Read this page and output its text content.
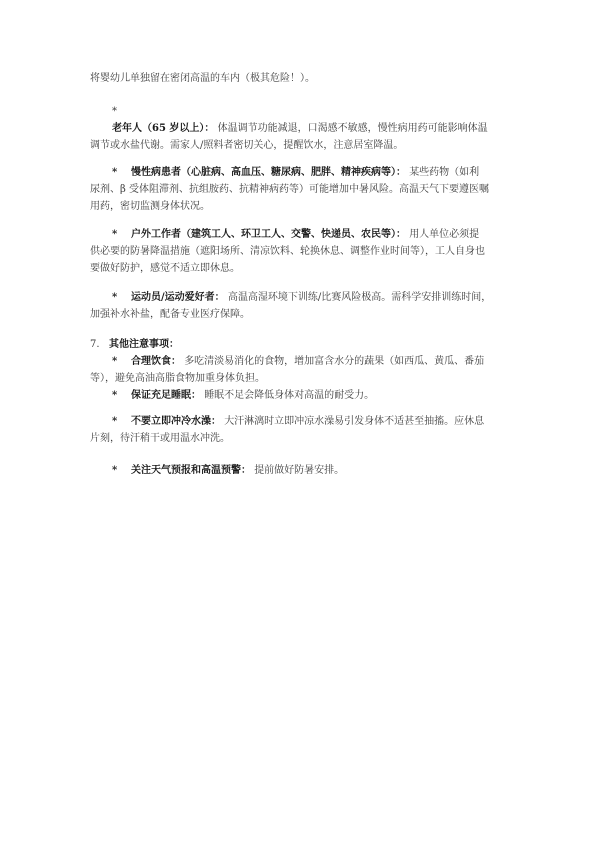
将婴幼儿单独留在密闭高温的车内（极其危险！）。
*
老年人（65 岁以上）： 体温调节功能减退，口渴感不敏感，慢性病用药可能影响体温
调节或水盐代谢。需家人/照料者密切关心，提醒饮水，注意居室降温。
* 慢性病患者（心脏病、高血压、糖尿病、肥胖、精神疾病等）： 某些药物（如利
尿剂、β 受体阻滞剂、抗组胺药、抗精神病药等）可能增加中暑风险。高温天气下要遵医嘱
用药，密切监测身体状况。
* 户外工作者（建筑工人、环卫工人、交警、快递员、农民等）： 用人单位必须提
供必要的防暑降温措施（遮阳场所、清凉饮料、轮换休息、调整作业时间等），工人自身也
要做好防护，感觉不适立即休息。
* 运动员/运动爱好者： 高温高湿环境下训练/比赛风险极高。需科学安排训练时间，
加强补水补盐，配备专业医疗保障。
7. 其他注意事项：
* 合理饮食： 多吃清淡易消化的食物，增加富含水分的蔬果（如西瓜、黄瓜、番茄
等），避免高油高脂食物加重身体负担。
* 保证充足睡眠： 睡眠不足会降低身体对高温的耐受力。
* 不要立即冲冷水澡： 大汗淋漓时立即冲凉水澡易引发身体不适甚至抽搐。应休息
片刻，待汗稍干或用温水冲洗。
* 关注天气预报和高温预警： 提前做好防暑安排。
